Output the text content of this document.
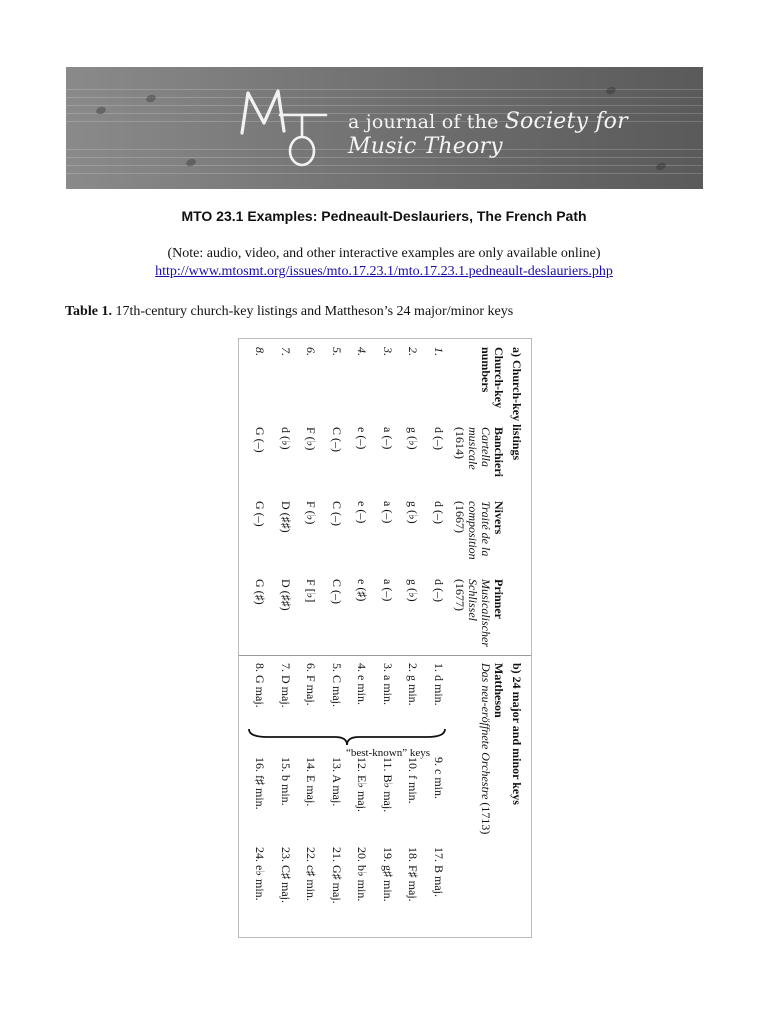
a journal of the Society for Music Theory
MTO 23.1 Examples: Pedneault-Deslauriers, The French Path
(Note: audio, video, and other interactive examples are only available online)
http://www.mtosmt.org/issues/mto.17.23.1/mto.17.23.1.pedneault-deslauriers.php
Table 1. 17th-century church-key listings and Mattheson’s 24 major/minor keys
a) Church-key listings
b) 24 major and minor keys
Church-key
numbers
Banchieri
Cartella
musicale
(1614)
Nivers
Traité de la
composition
(1667)
Prinner
Musicalischer
Schlissel
(1677)
Mattheson
Das neu-eröffnete Orchestre (1713)
1.
2.
3.
4.
5.
6.
7.
8.
d (–)
g (♭)
a (–)
e (–)
C (–)
F (♭)
d (♭)
G (–)
d (–)
g (♭)
a (–)
e (–)
C (–)
F (♭)
D (♯♯)
G (–)
d (–)
g (♭)
a (–)
e (♯)
C (–)
F [♭]
D (♯♯)
G (♯)
1. d min.
2. g min.
3. a min.
4. e min.
5. C maj.
6. F maj.
7. D maj.
8. G maj.
9. c min.
10. f min.
11. B♭ maj.
12. E♭ maj.
13. A maj.
14. E maj.
15. b min.
16. f♯ min.
17. B maj.
18. F♯ maj.
19. g♯ min.
20. b♭ min.
21. G♯ maj.
22. c♯ min.
23. C♯ maj.
24. e♭ min.
“best-known” keys
